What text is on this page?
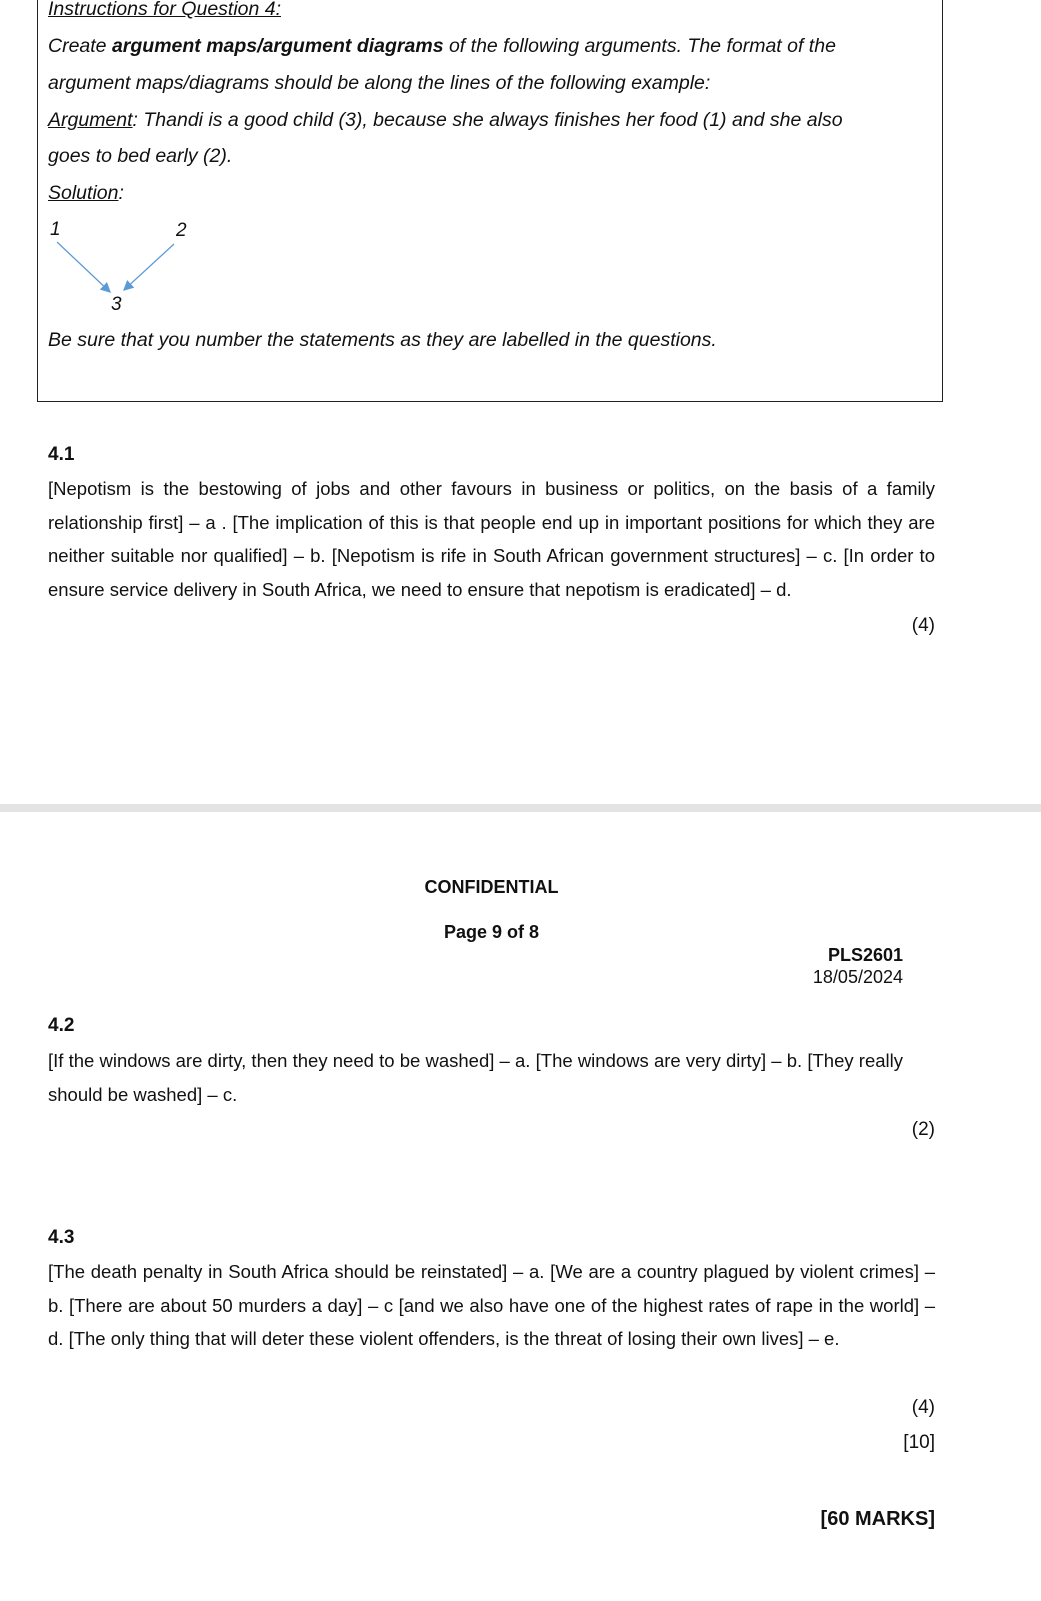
Instructions for Question 4:
Create argument maps/argument diagrams of the following arguments. The format of the
argument maps/diagrams should be along the lines of the following example:
Argument: Thandi is a good child (3), because she always finishes her food (1) and she also
goes to bed early (2).
Solution:
1	2
3
Be sure that you number the statements as they are labelled in the questions.
4.1
[Nepotism is the bestowing of jobs and other favours in business or politics, on the basis of a family relationship first] – a . [The implication of this is that people end up in important positions for which they are neither suitable nor qualified] – b. [Nepotism is rife in South African government structures] – c. [In order to ensure service delivery in South Africa, we need to ensure that nepotism is eradicated] – d.
(4)
CONFIDENTIAL
Page 9 of 8
PLS2601
18/05/2024
4.2
[If the windows are dirty, then they need to be washed] – a. [The windows are very dirty] – b. [They really should be washed] – c.
(2)
4.3
[The death penalty in South Africa should be reinstated] – a. [We are a country plagued by violent crimes] – b. [There are about 50 murders a day] – c [and we also have one of the highest rates of rape in the world] – d. [The only thing that will deter these violent offenders, is the threat of losing their own lives] – e.
(4)
[10]
[60 MARKS]
